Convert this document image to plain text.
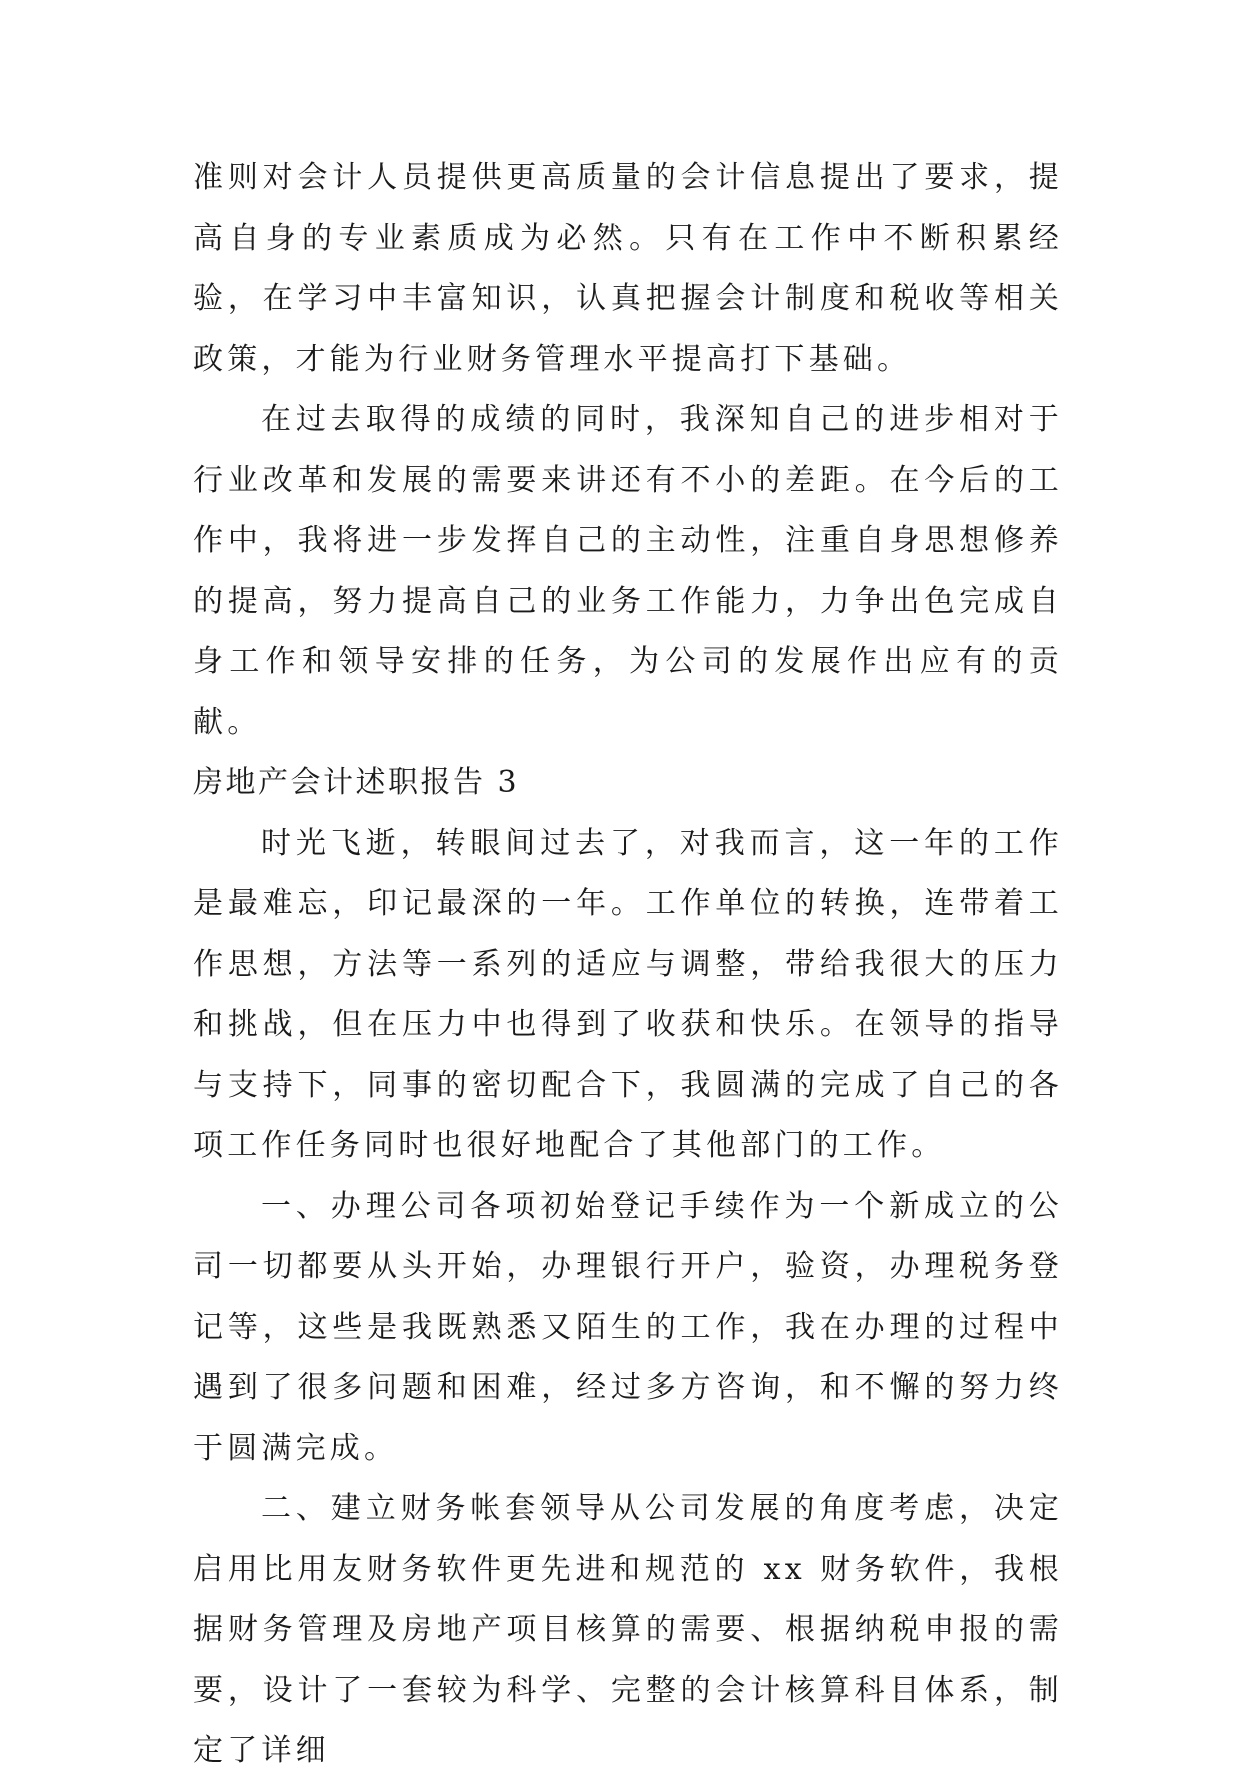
准则对会计人员提供更高质量的会计信息提出了要求，提高自身的专业素质成为必然。只有在工作中不断积累经验，在学习中丰富知识，认真把握会计制度和税收等相关政策，才能为行业财务管理水平提高打下基础。

在过去取得的成绩的同时，我深知自己的进步相对于行业改革和发展的需要来讲还有不小的差距。在今后的工作中，我将进一步发挥自己的主动性，注重自身思想修养的提高，努力提高自己的业务工作能力，力争出色完成自身工作和领导安排的任务，为公司的发展作出应有的贡献。

房地产会计述职报告 3

时光飞逝，转眼间过去了，对我而言，这一年的工作是最难忘，印记最深的一年。工作单位的转换，连带着工作思想，方法等一系列的适应与调整，带给我很大的压力和挑战，但在压力中也得到了收获和快乐。在领导的指导与支持下，同事的密切配合下，我圆满的完成了自己的各项工作任务同时也很好地配合了其他部门的工作。

一、办理公司各项初始登记手续作为一个新成立的公司一切都要从头开始，办理银行开户，验资，办理税务登记等，这些是我既熟悉又陌生的工作，我在办理的过程中遇到了很多问题和困难，经过多方咨询，和不懈的努力终于圆满完成。

二、建立财务帐套领导从公司发展的角度考虑，决定启用比用友财务软件更先进和规范的 xx 财务软件，我根据财务管理及房地产项目核算的需要、根据纳税申报的需要，设计了一套较为科学、完整的会计核算科目体系，制定了详细
